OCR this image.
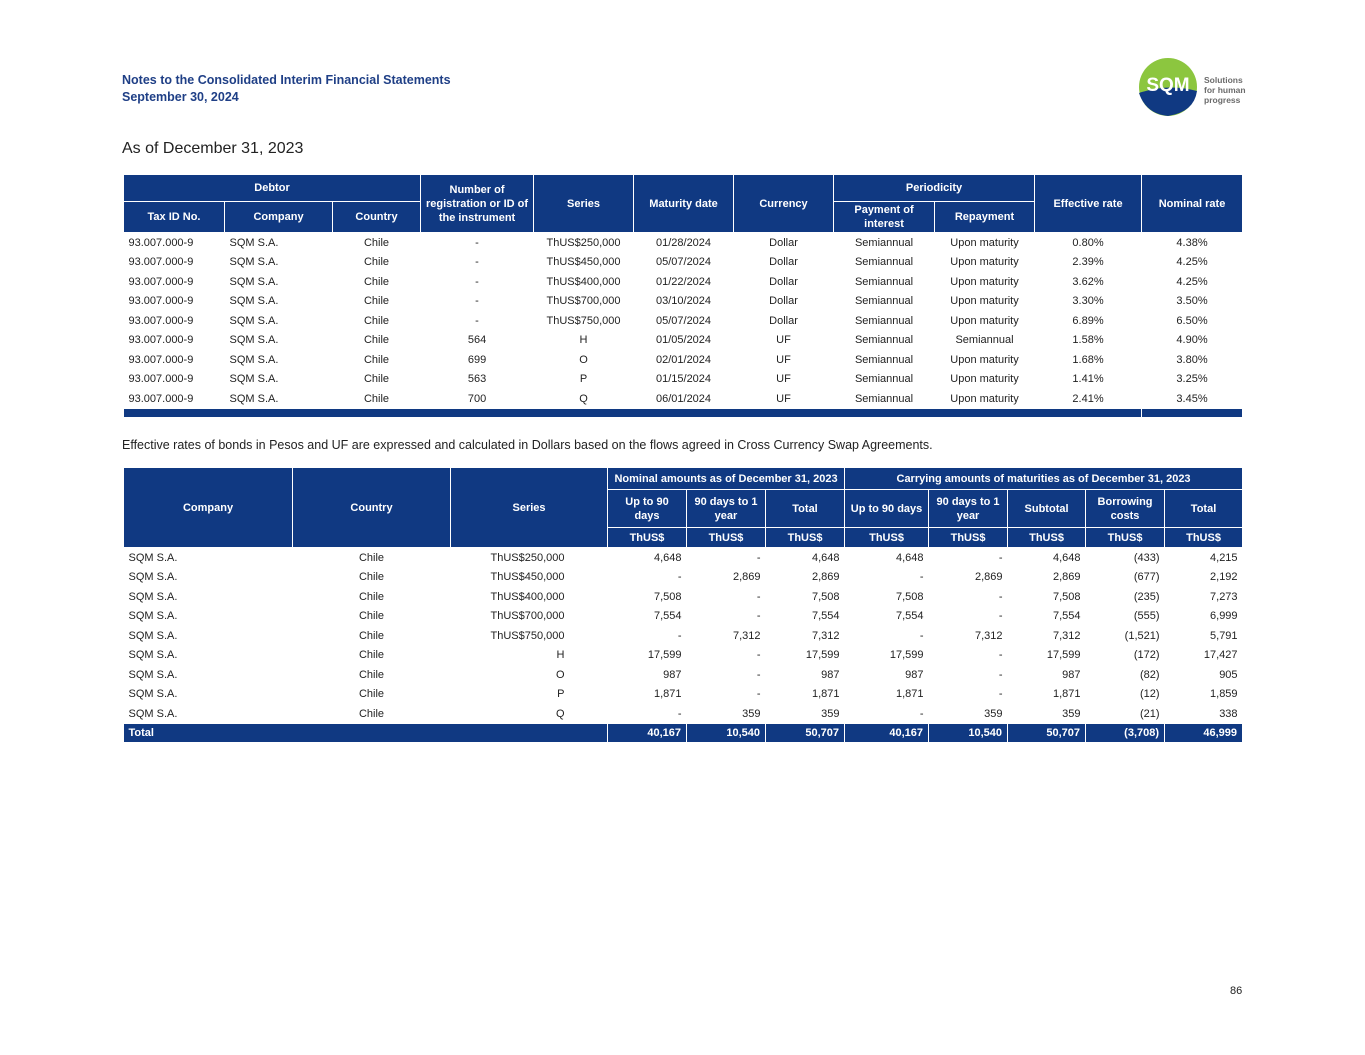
Notes to the Consolidated Interim Financial Statements
September 30, 2024
SQM Solutions
for human
progress
As of December 31, 2023
Debtor			Number of registration or ID of the instrument	Series	Maturity date	Currency	Periodicity		Effective rate	Nominal rate
Tax ID No.	Company	Country					Payment of interest	Repayment		
93.007.000-9	SQM S.A.	Chile	-	ThUS$250,000	01/28/2024	Dollar	Semiannual	Upon maturity	0.80%	4.38%
93.007.000-9	SQM S.A.	Chile	-	ThUS$450,000	05/07/2024	Dollar	Semiannual	Upon maturity	2.39%	4.25%
93.007.000-9	SQM S.A.	Chile	-	ThUS$400,000	01/22/2024	Dollar	Semiannual	Upon maturity	3.62%	4.25%
93.007.000-9	SQM S.A.	Chile	-	ThUS$700,000	03/10/2024	Dollar	Semiannual	Upon maturity	3.30%	3.50%
93.007.000-9	SQM S.A.	Chile	-	ThUS$750,000	05/07/2024	Dollar	Semiannual	Upon maturity	6.89%	6.50%
93.007.000-9	SQM S.A.	Chile	564	H	01/05/2024	UF	Semiannual	Semiannual	1.58%	4.90%
93.007.000-9	SQM S.A.	Chile	699	O	02/01/2024	UF	Semiannual	Upon maturity	1.68%	3.80%
93.007.000-9	SQM S.A.	Chile	563	P	01/15/2024	UF	Semiannual	Upon maturity	1.41%	3.25%
93.007.000-9	SQM S.A.	Chile	700	Q	06/01/2024	UF	Semiannual	Upon maturity	2.41%	3.45%

Effective rates of bonds in Pesos and UF are expressed and calculated in Dollars based on the flows agreed in Cross Currency Swap Agreements.
Company	Country	Series	Nominal amounts as of December 31, 2023			Carrying amounts of maturities as of December 31, 2023				
			Up to 90 days	90 days to 1 year	Total	Up to 90 days	90 days to 1 year	Subtotal	Borrowing costs	Total
			ThUS$	ThUS$	ThUS$	ThUS$	ThUS$	ThUS$	ThUS$	ThUS$
SQM S.A.	Chile	ThUS$250,000	4,648	-	4,648	4,648	-	4,648	(433)	4,215
SQM S.A.	Chile	ThUS$450,000	-	2,869	2,869	-	2,869	2,869	(677)	2,192
SQM S.A.	Chile	ThUS$400,000	7,508	-	7,508	7,508	-	7,508	(235)	7,273
SQM S.A.	Chile	ThUS$700,000	7,554	-	7,554	7,554	-	7,554	(555)	6,999
SQM S.A.	Chile	ThUS$750,000	-	7,312	7,312	-	7,312	7,312	(1,521)	5,791
SQM S.A.	Chile	H	17,599	-	17,599	17,599	-	17,599	(172)	17,427
SQM S.A.	Chile	O	987	-	987	987	-	987	(82)	905
SQM S.A.	Chile	P	1,871	-	1,871	1,871	-	1,871	(12)	1,859
SQM S.A.	Chile	Q	-	359	359	-	359	359	(21)	338
Total			40,167	10,540	50,707	40,167	10,540	50,707	(3,708)	46,999
86
